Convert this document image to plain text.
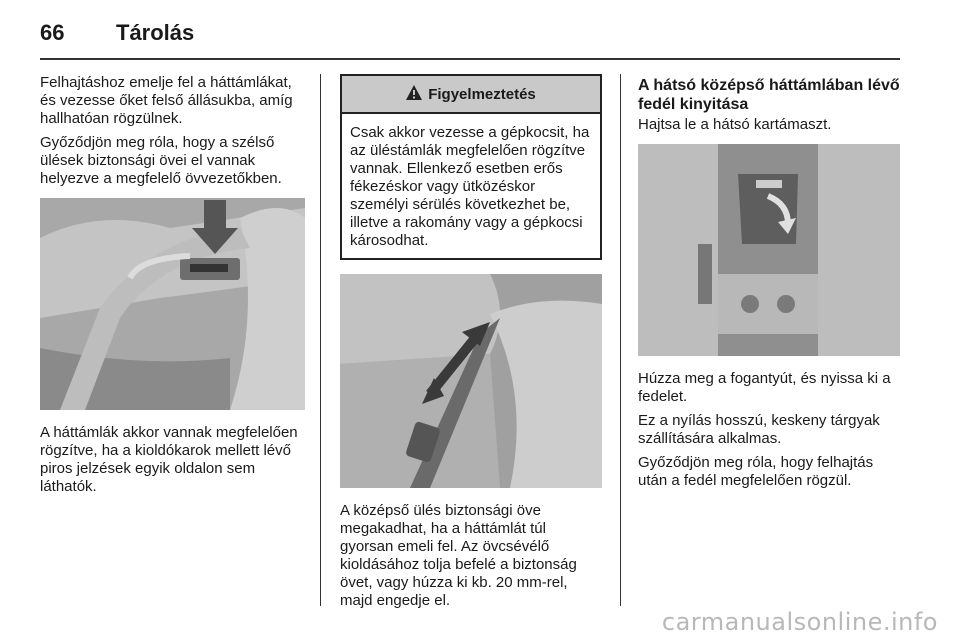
66 Tárolás

Felhajtáshoz emelje fel a háttámlákat, és vezesse őket felső állásukba, amíg hallhatóan rögzülnek.

Győződjön meg róla, hogy a szélső ülések biztonsági övei el vannak helyezve a megfelelő övvezetőkben.

A háttámlák akkor vannak megfelelően rögzítve, ha a kioldókarok mellett lévő piros jelzések egyik oldalon sem láthatók.

Figyelmeztetés
Csak akkor vezesse a gépkocsit, ha az üléstámlák megfelelően rögzítve vannak. Ellenkező esetben erős fékezéskor vagy ütközéskor személyi sérülés következhet be, illetve a rakomány vagy a gépkocsi károsodhat.

A középső ülés biztonsági öve megakadhat, ha a háttámlát túl gyorsan emeli fel. Az övcsévélő kioldásához tolja befelé a biztonság övet, vagy húzza ki kb. 20 mm-rel, majd engedje el.

A hátsó középső háttámlában lévő fedél kinyitása

Hajtsa le a hátsó kartámaszt.

Húzza meg a fogantyút, és nyissa ki a fedelet.

Ez a nyílás hosszú, keskeny tárgyak szállítására alkalmas.

Győződjön meg róla, hogy felhajtás után a fedél megfelelően rögzül.

carmanualsonline.info
